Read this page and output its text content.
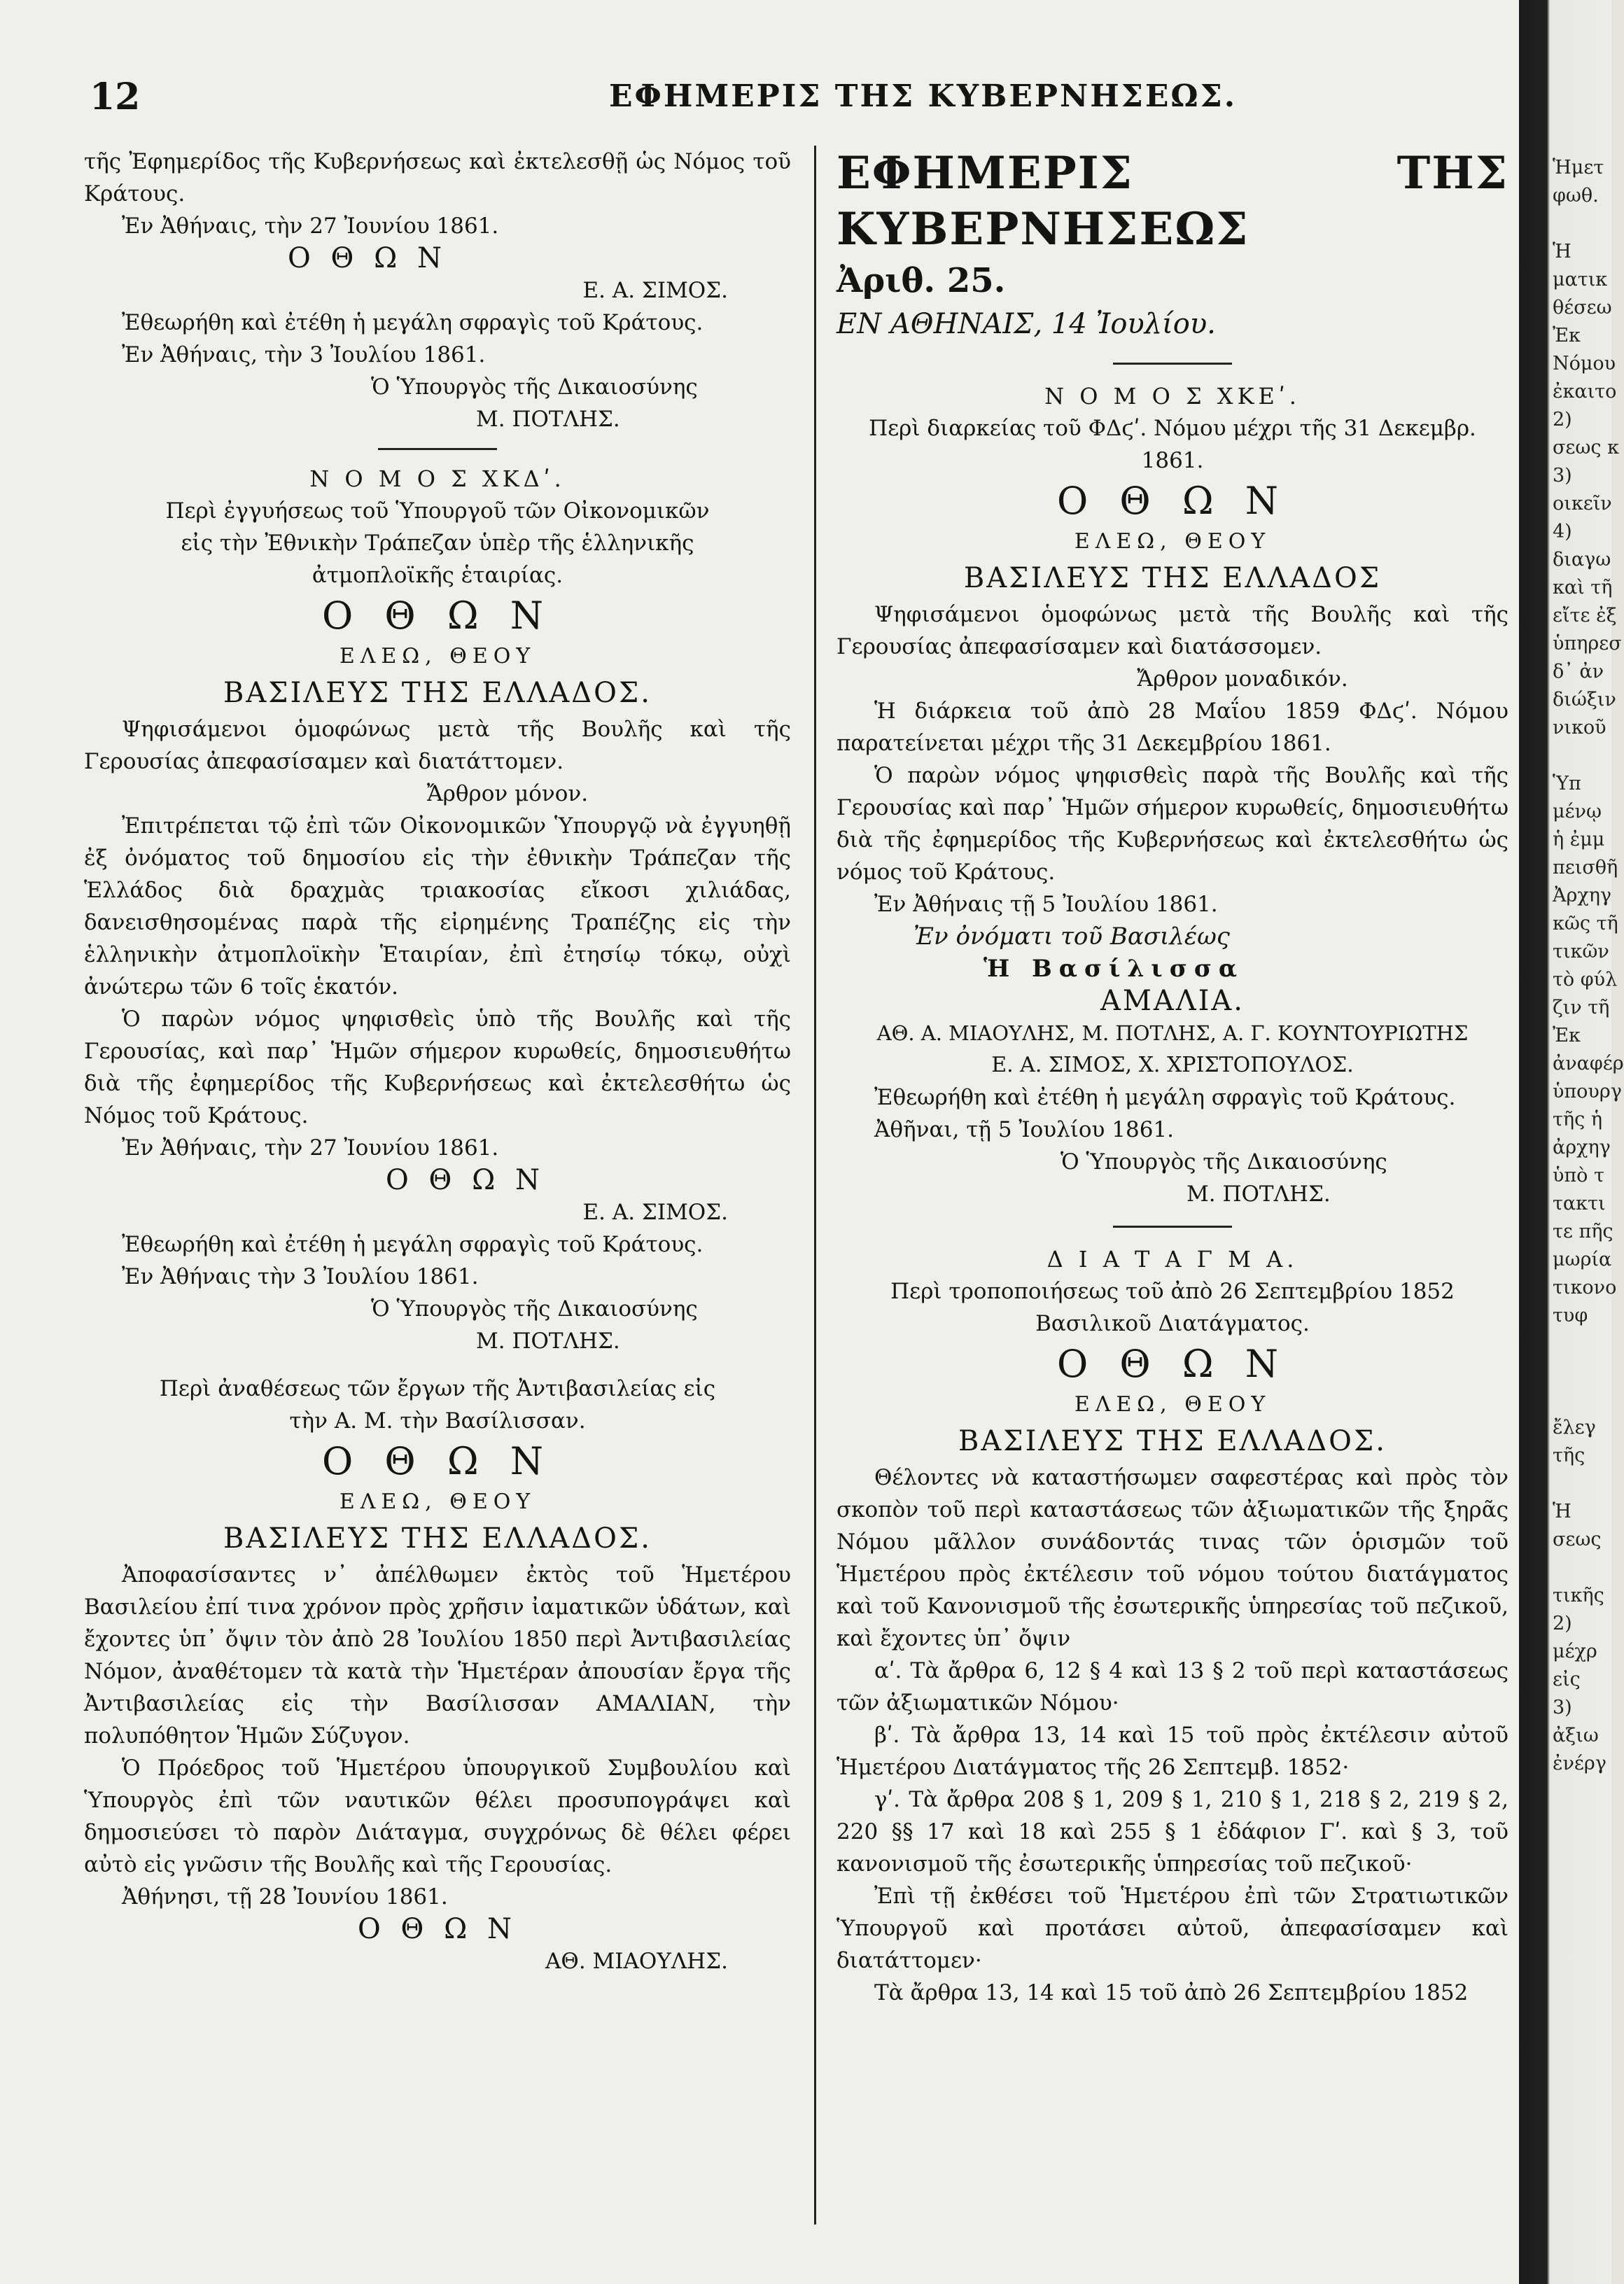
12	ΕΦΗΜΕΡΙΣ ΤΗΣ ΚΥΒΕΡΝΗΣΕΩΣ.

τῆς Ἐφημερίδος τῆς Κυβερνήσεως καὶ ἐκτελεσθῇ ὡς Νόμος τοῦ Κράτους.

Ἐν Ἀθήναις, τὴν 27 Ἰουνίου 1861.

Ο Θ Ω Ν

Ε. Α. ΣΙΜΟΣ.

Ἐθεωρήθη καὶ ἐτέθη ἡ μεγάλη σφραγὶς τοῦ Κράτους.

Ἐν Ἀθήναις, τὴν 3 Ἰουλίου 1861.

Ὁ Ὑπουργὸς τῆς Δικαιοσύνης

Μ. ΠΟΤΛΗΣ.

Ν Ο Μ Ο Σ ΧΚΔʹ.

Περὶ ἐγγυήσεως τοῦ Ὑπουργοῦ τῶν Οἰκονομικῶν εἰς τὴν Ἐθνικὴν Τράπεζαν ὑπὲρ τῆς ἑλληνικῆς ἀτμοπλοϊκῆς ἑταιρίας.

Ο Θ Ω Ν

ΕΛΕΩ, ΘΕΟΥ

ΒΑΣΙΛΕΥΣ ΤΗΣ ΕΛΛΑΔΟΣ.

Ψηφισάμενοι ὁμοφώνως μετὰ τῆς Βουλῆς καὶ τῆς Γερουσίας ἀπεφασίσαμεν καὶ διατάττομεν.

Ἄρθρον μόνον.

Ἐπιτρέπεται τῷ ἐπὶ τῶν Οἰκονομικῶν Ὑπουργῷ νὰ ἐγγυηθῇ ἐξ ὀνόματος τοῦ δημοσίου εἰς τὴν ἐθνικὴν Τράπεζαν τῆς Ἑλλάδος διὰ δραχμὰς τριακοσίας εἴκοσι χιλιάδας, δανεισθησομένας παρὰ τῆς εἰρημένης Τραπέζης εἰς τὴν ἑλληνικὴν ἀτμοπλοϊκὴν Ἑταιρίαν, ἐπὶ ἐτησίῳ τόκῳ, οὐχὶ ἀνώτερω τῶν 6 τοῖς ἑκατόν.

Ὁ παρὼν νόμος ψηφισθεὶς ὑπὸ τῆς Βουλῆς καὶ τῆς Γερουσίας, καὶ παρ᾽ Ἡμῶν σήμερον κυρωθείς, δημοσιευθήτω διὰ τῆς ἐφημερίδος τῆς Κυβερνήσεως καὶ ἐκτελεσθήτω ὡς Νόμος τοῦ Κράτους.

Ἐν Ἀθήναις, τὴν 27 Ἰουνίου 1861.

Ο Θ Ω Ν

Ε. Α. ΣΙΜΟΣ.

Ἐθεωρήθη καὶ ἐτέθη ἡ μεγάλη σφραγὶς τοῦ Κράτους.

Ἐν Ἀθήναις τὴν 3 Ἰουλίου 1861.

Ὁ Ὑπουργὸς τῆς Δικαιοσύνης

Μ. ΠΟΤΛΗΣ.

Περὶ ἀναθέσεως τῶν ἔργων τῆς Ἀντιβασιλείας εἰς τὴν Α. Μ. τὴν Βασίλισσαν.

Ο Θ Ω Ν

ΕΛΕΩ, ΘΕΟΥ

ΒΑΣΙΛΕΥΣ ΤΗΣ ΕΛΛΑΔΟΣ.

Ἀποφασίσαντες ν᾽ ἀπέλθωμεν ἐκτὸς τοῦ Ἡμετέρου Βασιλείου ἐπί τινα χρόνον πρὸς χρῆσιν ἰαματικῶν ὑδάτων, καὶ ἔχοντες ὑπ᾽ ὄψιν τὸν ἀπὸ 28 Ἰουλίου 1850 περὶ Ἀντιβασιλείας Νόμον, ἀναθέτομεν τὰ κατὰ τὴν Ἡμετέραν ἀπουσίαν ἔργα τῆς Ἀντιβασιλείας εἰς τὴν Βασίλισσαν ΑΜΑΛΙΑΝ, τὴν πολυπόθητον Ἡμῶν Σύζυγον.

Ὁ Πρόεδρος τοῦ Ἡμετέρου ὑπουργικοῦ Συμβουλίου καὶ Ὑπουργὸς ἐπὶ τῶν ναυτικῶν θέλει προσυπογράψει καὶ δημοσιεύσει τὸ παρὸν Διάταγμα, συγχρόνως δὲ θέλει φέρει αὐτὸ εἰς γνῶσιν τῆς Βουλῆς καὶ τῆς Γερουσίας.

Ἀθήνησι, τῇ 28 Ἰουνίου 1861.

Ο Θ Ω Ν

ΑΘ. ΜΙΑΟΥΛΗΣ.

ΕΦΗΜΕΡΙΣ ΤΗΣ ΚΥΒΕΡΝΗΣΕΩΣ

Ἀριθ. 25.

ΕΝ ΑΘΗΝΑΙΣ, 14 Ἰουλίου.

Ν Ο Μ Ο Σ ΧΚΕʹ.

Περὶ διαρκείας τοῦ ΦΔϛʹ. Νόμου μέχρι τῆς 31 Δεκεμβρ. 1861.

Ο Θ Ω Ν

ΕΛΕΩ, ΘΕΟΥ

ΒΑΣΙΛΕΥΣ ΤΗΣ ΕΛΛΑΔΟΣ

Ψηφισάμενοι ὁμοφώνως μετὰ τῆς Βουλῆς καὶ τῆς Γερουσίας ἀπεφασίσαμεν καὶ διατάσσομεν.

Ἄρθρον μοναδικόν.

Ἡ διάρκεια τοῦ ἀπὸ 28 Μαΐου 1859 ΦΔϛʹ. Νόμου παρατείνεται μέχρι τῆς 31 Δεκεμβρίου 1861.

Ὁ παρὼν νόμος ψηφισθεὶς παρὰ τῆς Βουλῆς καὶ τῆς Γερουσίας καὶ παρ᾽ Ἡμῶν σήμερον κυρωθείς, δημοσιευθήτω διὰ τῆς ἐφημερίδος τῆς Κυβερνήσεως καὶ ἐκτελεσθήτω ὡς νόμος τοῦ Κράτους.

Ἐν Ἀθήναις τῇ 5 Ἰουλίου 1861.

Ἐν ὀνόματι τοῦ Βασιλέως

Ἡ Βασίλισσα

ΑΜΑΛΙΑ.

ΑΘ. Α. ΜΙΑΟΥΛΗΣ, Μ. ΠΟΤΛΗΣ, Α. Γ. ΚΟΥΝΤΟΥΡΙΩΤΗΣ

Ε. Α. ΣΙΜΟΣ, Χ. ΧΡΙΣΤΟΠΟΥΛΟΣ.

Ἐθεωρήθη καὶ ἐτέθη ἡ μεγάλη σφραγὶς τοῦ Κράτους.

Ἀθῆναι, τῇ 5 Ἰουλίου 1861.

Ὁ Ὑπουργὸς τῆς Δικαιοσύνης

Μ. ΠΟΤΛΗΣ.

Δ Ι Α Τ Α Γ Μ Α.

Περὶ τροποποιήσεως τοῦ ἀπὸ 26 Σεπτεμβρίου 1852 Βασιλικοῦ Διατάγματος.

Ο Θ Ω Ν

ΕΛΕΩ, ΘΕΟΥ

ΒΑΣΙΛΕΥΣ ΤΗΣ ΕΛΛΑΔΟΣ.

Θέλοντες νὰ καταστήσωμεν σαφεστέρας καὶ πρὸς τὸν σκοπὸν τοῦ περὶ καταστάσεως τῶν ἀξιωματικῶν τῆς ξηρᾶς Νόμου μᾶλλον συνάδοντάς τινας τῶν ὁρισμῶν τοῦ Ἡμετέρου πρὸς ἐκτέλεσιν τοῦ νόμου τούτου διατάγματος καὶ τοῦ Κανονισμοῦ τῆς ἐσωτερικῆς ὑπηρεσίας τοῦ πεζικοῦ, καὶ ἔχοντες ὑπ᾽ ὄψιν

αʹ. Τὰ ἄρθρα 6, 12 § 4 καὶ 13 § 2 τοῦ περὶ καταστάσεως τῶν ἀξιωματικῶν Νόμου·

βʹ. Τὰ ἄρθρα 13, 14 καὶ 15 τοῦ πρὸς ἐκτέλεσιν αὐτοῦ Ἡμετέρου Διατάγματος τῆς 26 Σεπτεμβ. 1852·

γʹ. Τὰ ἄρθρα 208 § 1, 209 § 1, 210 § 1, 218 § 2, 219 § 2, 220 §§ 17 καὶ 18 καὶ 255 § 1 ἐδάφιον Γʹ. καὶ § 3, τοῦ κανονισμοῦ τῆς ἐσωτερικῆς ὑπηρεσίας τοῦ πεζικοῦ·

Ἐπὶ τῇ ἐκθέσει τοῦ Ἡμετέρου ἐπὶ τῶν Στρατιωτικῶν Ὑπουργοῦ καὶ προτάσει αὐτοῦ, ἀπεφασίσαμεν καὶ διατάττομεν·

Τὰ ἄρθρα 13, 14 καὶ 15 τοῦ ἀπὸ 26 Σεπτεμβρίου 1852

Ἡμετ
φωθ.

Ἡ
ματικ
θέσεω
Ἐκ
Νόμου
ἐκαιτο
2)
σεως κ
3)
οικεῖν
4)
διαγω
καὶ τῆ
εἴτε ἐξ
ὑπηρεσ
δ᾽ ἀν
διώξιν
νικοῦ

Ὑπ
μένῳ
ἡ ἐμμ
πεισθῆ
Ἀρχηγ
κῶς τῆ
τικῶν
τὸ φύλ
ζιν τῆ
Ἐκ
ἀναφέρ
ὑπουργ
τῆς ἡ
ἀρχηγ
ὑπὸ τ
τακτι
τε πῆς
μωρία
τικονο
τυφ

ἔλεγ
τῆς

Ἡ
σεως

τικῆς
2)
μέχρ
εἰς
3)
ἀξιω
ἐνέργ
